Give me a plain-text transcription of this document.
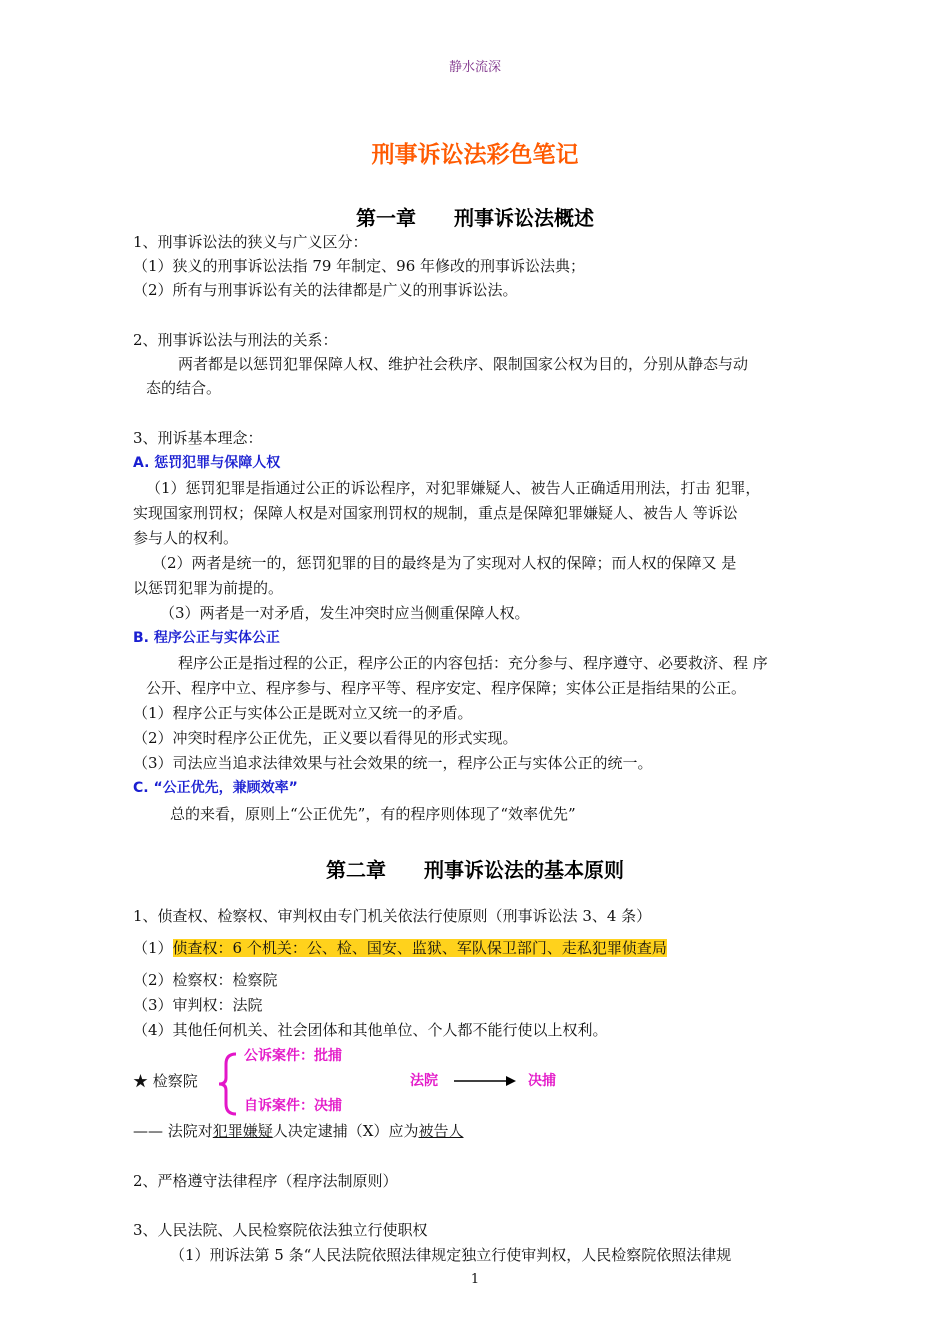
静水流深
刑事诉讼法彩色笔记
第一章 刑事诉讼法概述
1、刑事诉讼法的狭义与广义区分：
（1）狭义的刑事诉讼法指 79 年制定、96 年修改的刑事诉讼法典；
（2）所有与刑事诉讼有关的法律都是广义的刑事诉讼法。
2、刑事诉讼法与刑法的关系：
两者都是以惩罚犯罪保障人权、维护社会秩序、限制国家公权为目的，分别从静态与动
态的结合。
3、刑诉基本理念：
A. 惩罚犯罪与保障人权
（1）惩罚犯罪是指通过公正的诉讼程序，对犯罪嫌疑人、被告人正确适用刑法，打击 犯罪，
实现国家刑罚权；保障人权是对国家刑罚权的规制，重点是保障犯罪嫌疑人、被告人 等诉讼
参与人的权利。
（2）两者是统一的，惩罚犯罪的目的最终是为了实现对人权的保障；而人权的保障又 是
以惩罚犯罪为前提的。
（3）两者是一对矛盾，发生冲突时应当侧重保障人权。
B. 程序公正与实体公正
程序公正是指过程的公正，程序公正的内容包括：充分参与、程序遵守、必要救济、程 序
公开、程序中立、程序参与、程序平等、程序安定、程序保障；实体公正是指结果的公正。
（1）程序公正与实体公正是既对立又统一的矛盾。
（2）冲突时程序公正优先，正义要以看得见的形式实现。
（3）司法应当追求法律效果与社会效果的统一，程序公正与实体公正的统一。
C. “公正优先，兼顾效率”
总的来看，原则上“公正优先”，有的程序则体现了“效率优先”
第二章 刑事诉讼法的基本原则
1、侦查权、检察权、审判权由专门机关依法行使原则（刑事诉讼法 3、4 条）
（1）侦查权：6 个机关：公、检、国安、监狱、军队保卫部门、走私犯罪侦查局
（2）检察权：检察院
（3）审判权：法院
（4）其他任何机关、社会团体和其他单位、个人都不能行使以上权利。
公诉案件：批捕
★ 检察院	法院	决捕
自诉案件：决捕
—— 法院对犯罪嫌疑人决定逮捕（X）应为被告人
2、严格遵守法律程序（程序法制原则）
3、人民法院、人民检察院依法独立行使职权
（1）刑诉法第 5 条“人民法院依照法律规定独立行使审判权，人民检察院依照法律规
1
